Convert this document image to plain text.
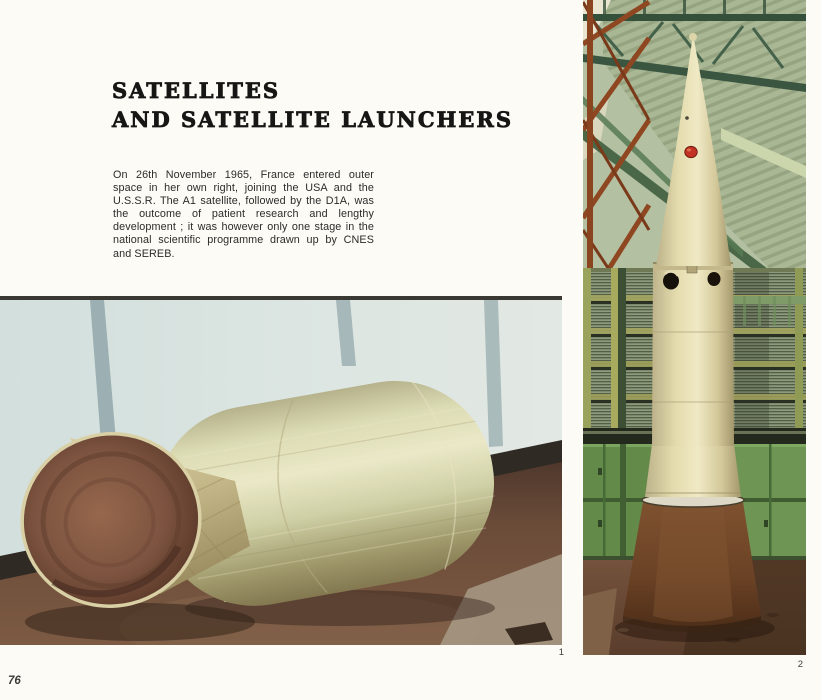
SATELLITES
AND SATELLITE LAUNCHERS

On 26th November 1965, France entered outer space in her own right, joining the USA and the U.S.S.R. The A1 satellite, followed by the D1A, was the outcome of patient research and lengthy development ; it was however only one stage in the national scientific programme drawn up by CNES and SEREB.

1
2
76
